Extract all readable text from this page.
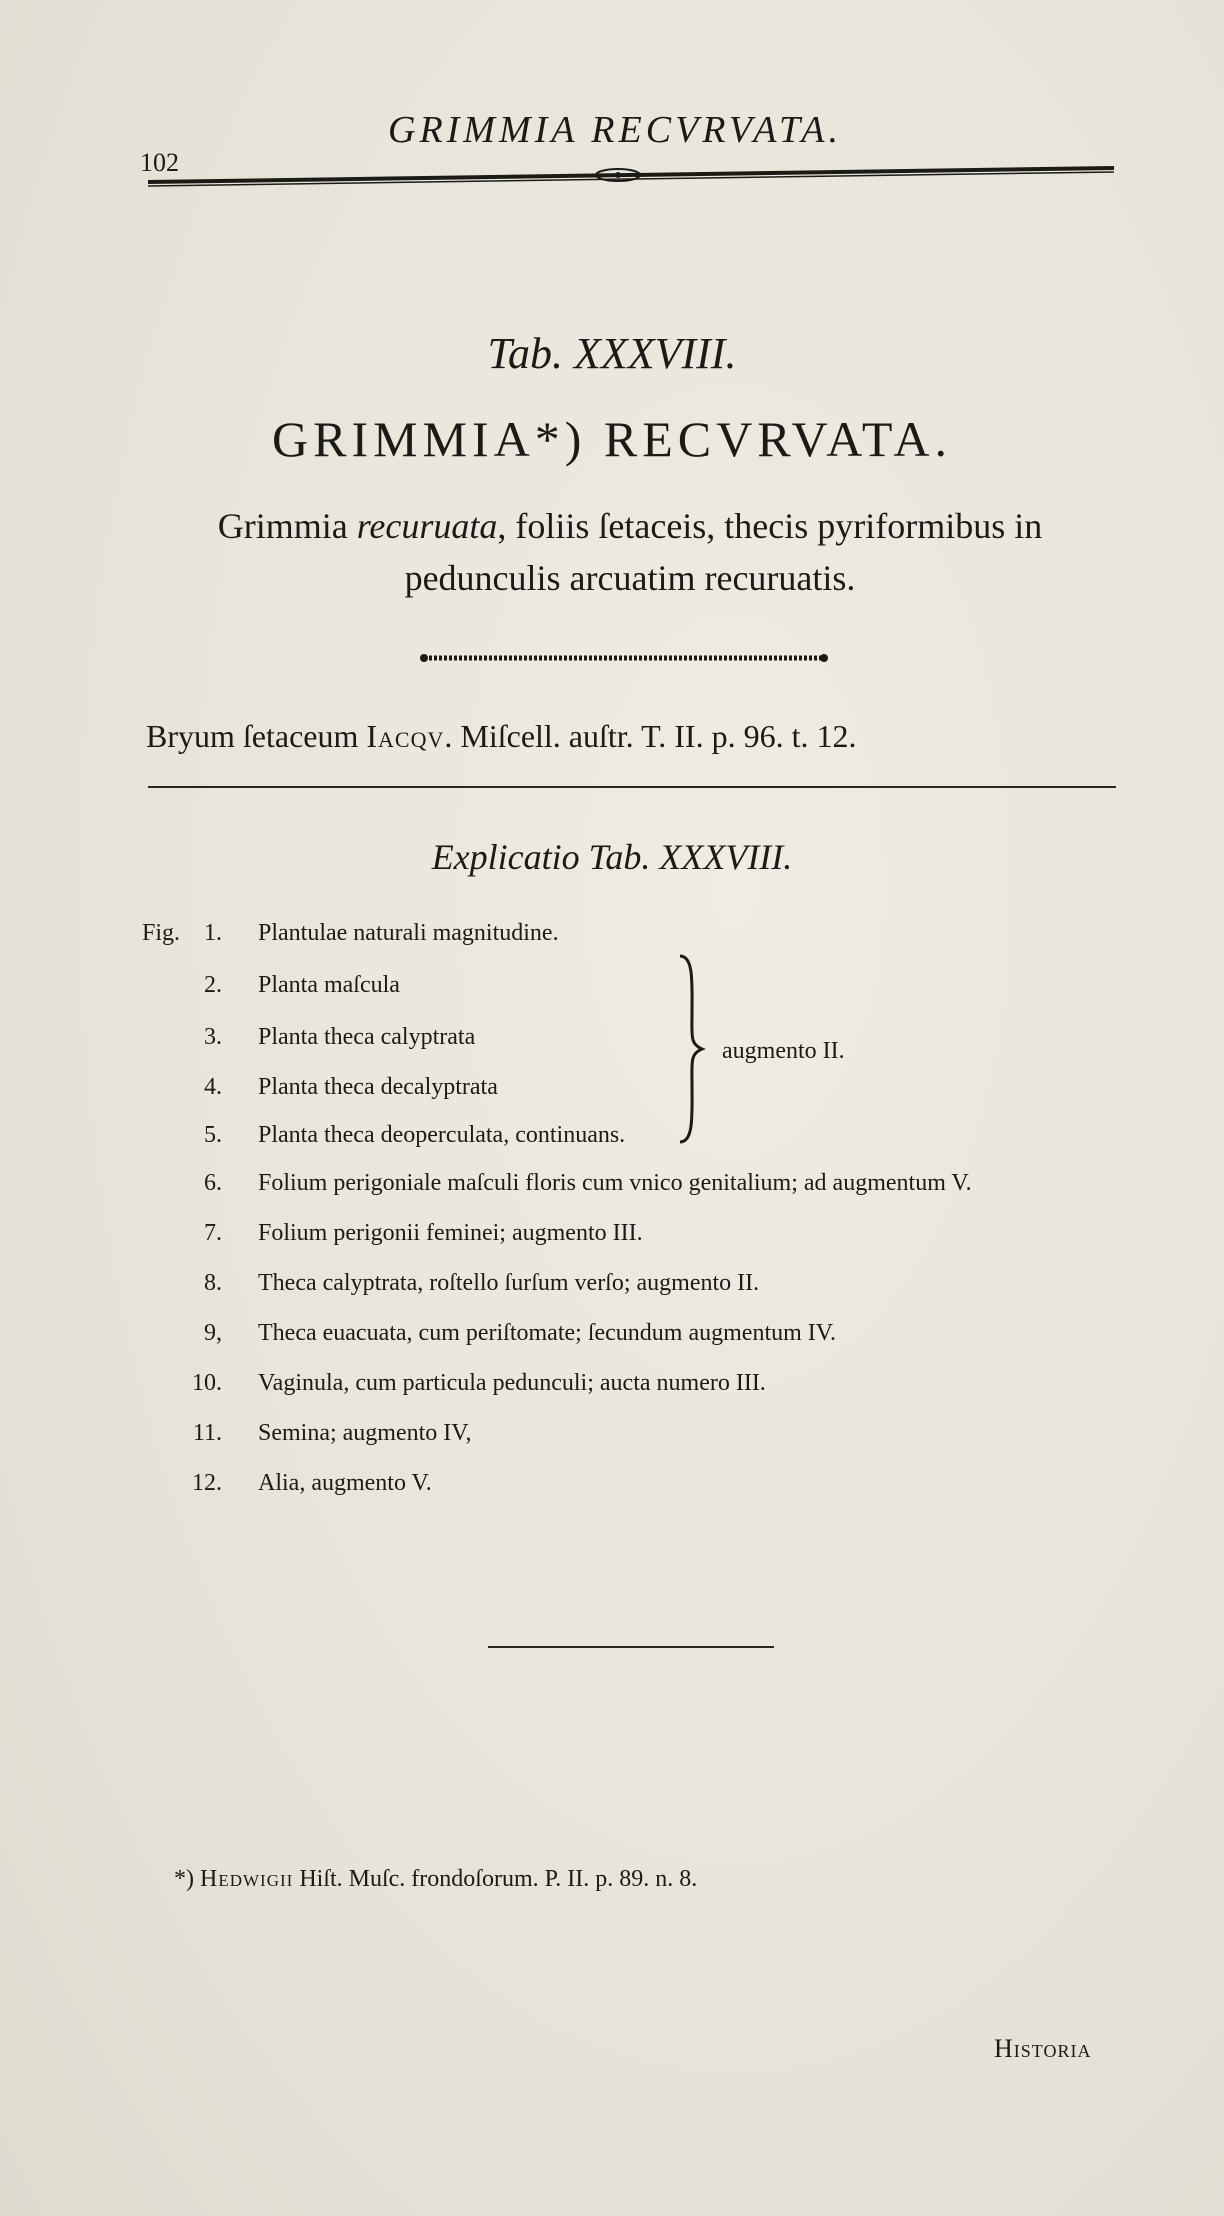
102
GRIMMIA RECVRVATA.
Tab. XXXVIII.
GRIMMIA*) RECVRVATA.
Grimmia recuruata, foliis ſetaceis, thecis pyriformibus in pedunculis arcuatim recuruatis.
Bryum ſetaceum Iacqv. Miſcell. auſtr. T. II. p. 96. t. 12.
Explicatio Tab. XXXVIII.
Fig. 1. Plantulae naturali magnitudine.
2. Planta maſcula
3. Planta theca calyptrata
4. Planta theca decalyptrata
5. Planta theca deoperculata, continuans.
augmento II.
6. Folium perigoniale maſculi floris cum vnico genitalium; ad augmentum V.
7. Folium perigonii feminei; augmento III.
8. Theca calyptrata, roſtello ſurſum verſo; augmento II.
9, Theca euacuata, cum periſtomate; ſecundum augmentum IV.
10. Vaginula, cum particula pedunculi; aucta numero III.
11. Semina; augmento IV,
12. Alia, augmento V.
*) Hedwigii Hiſt. Muſc. frondoſorum. P. II. p. 89. n. 8.
Historia
